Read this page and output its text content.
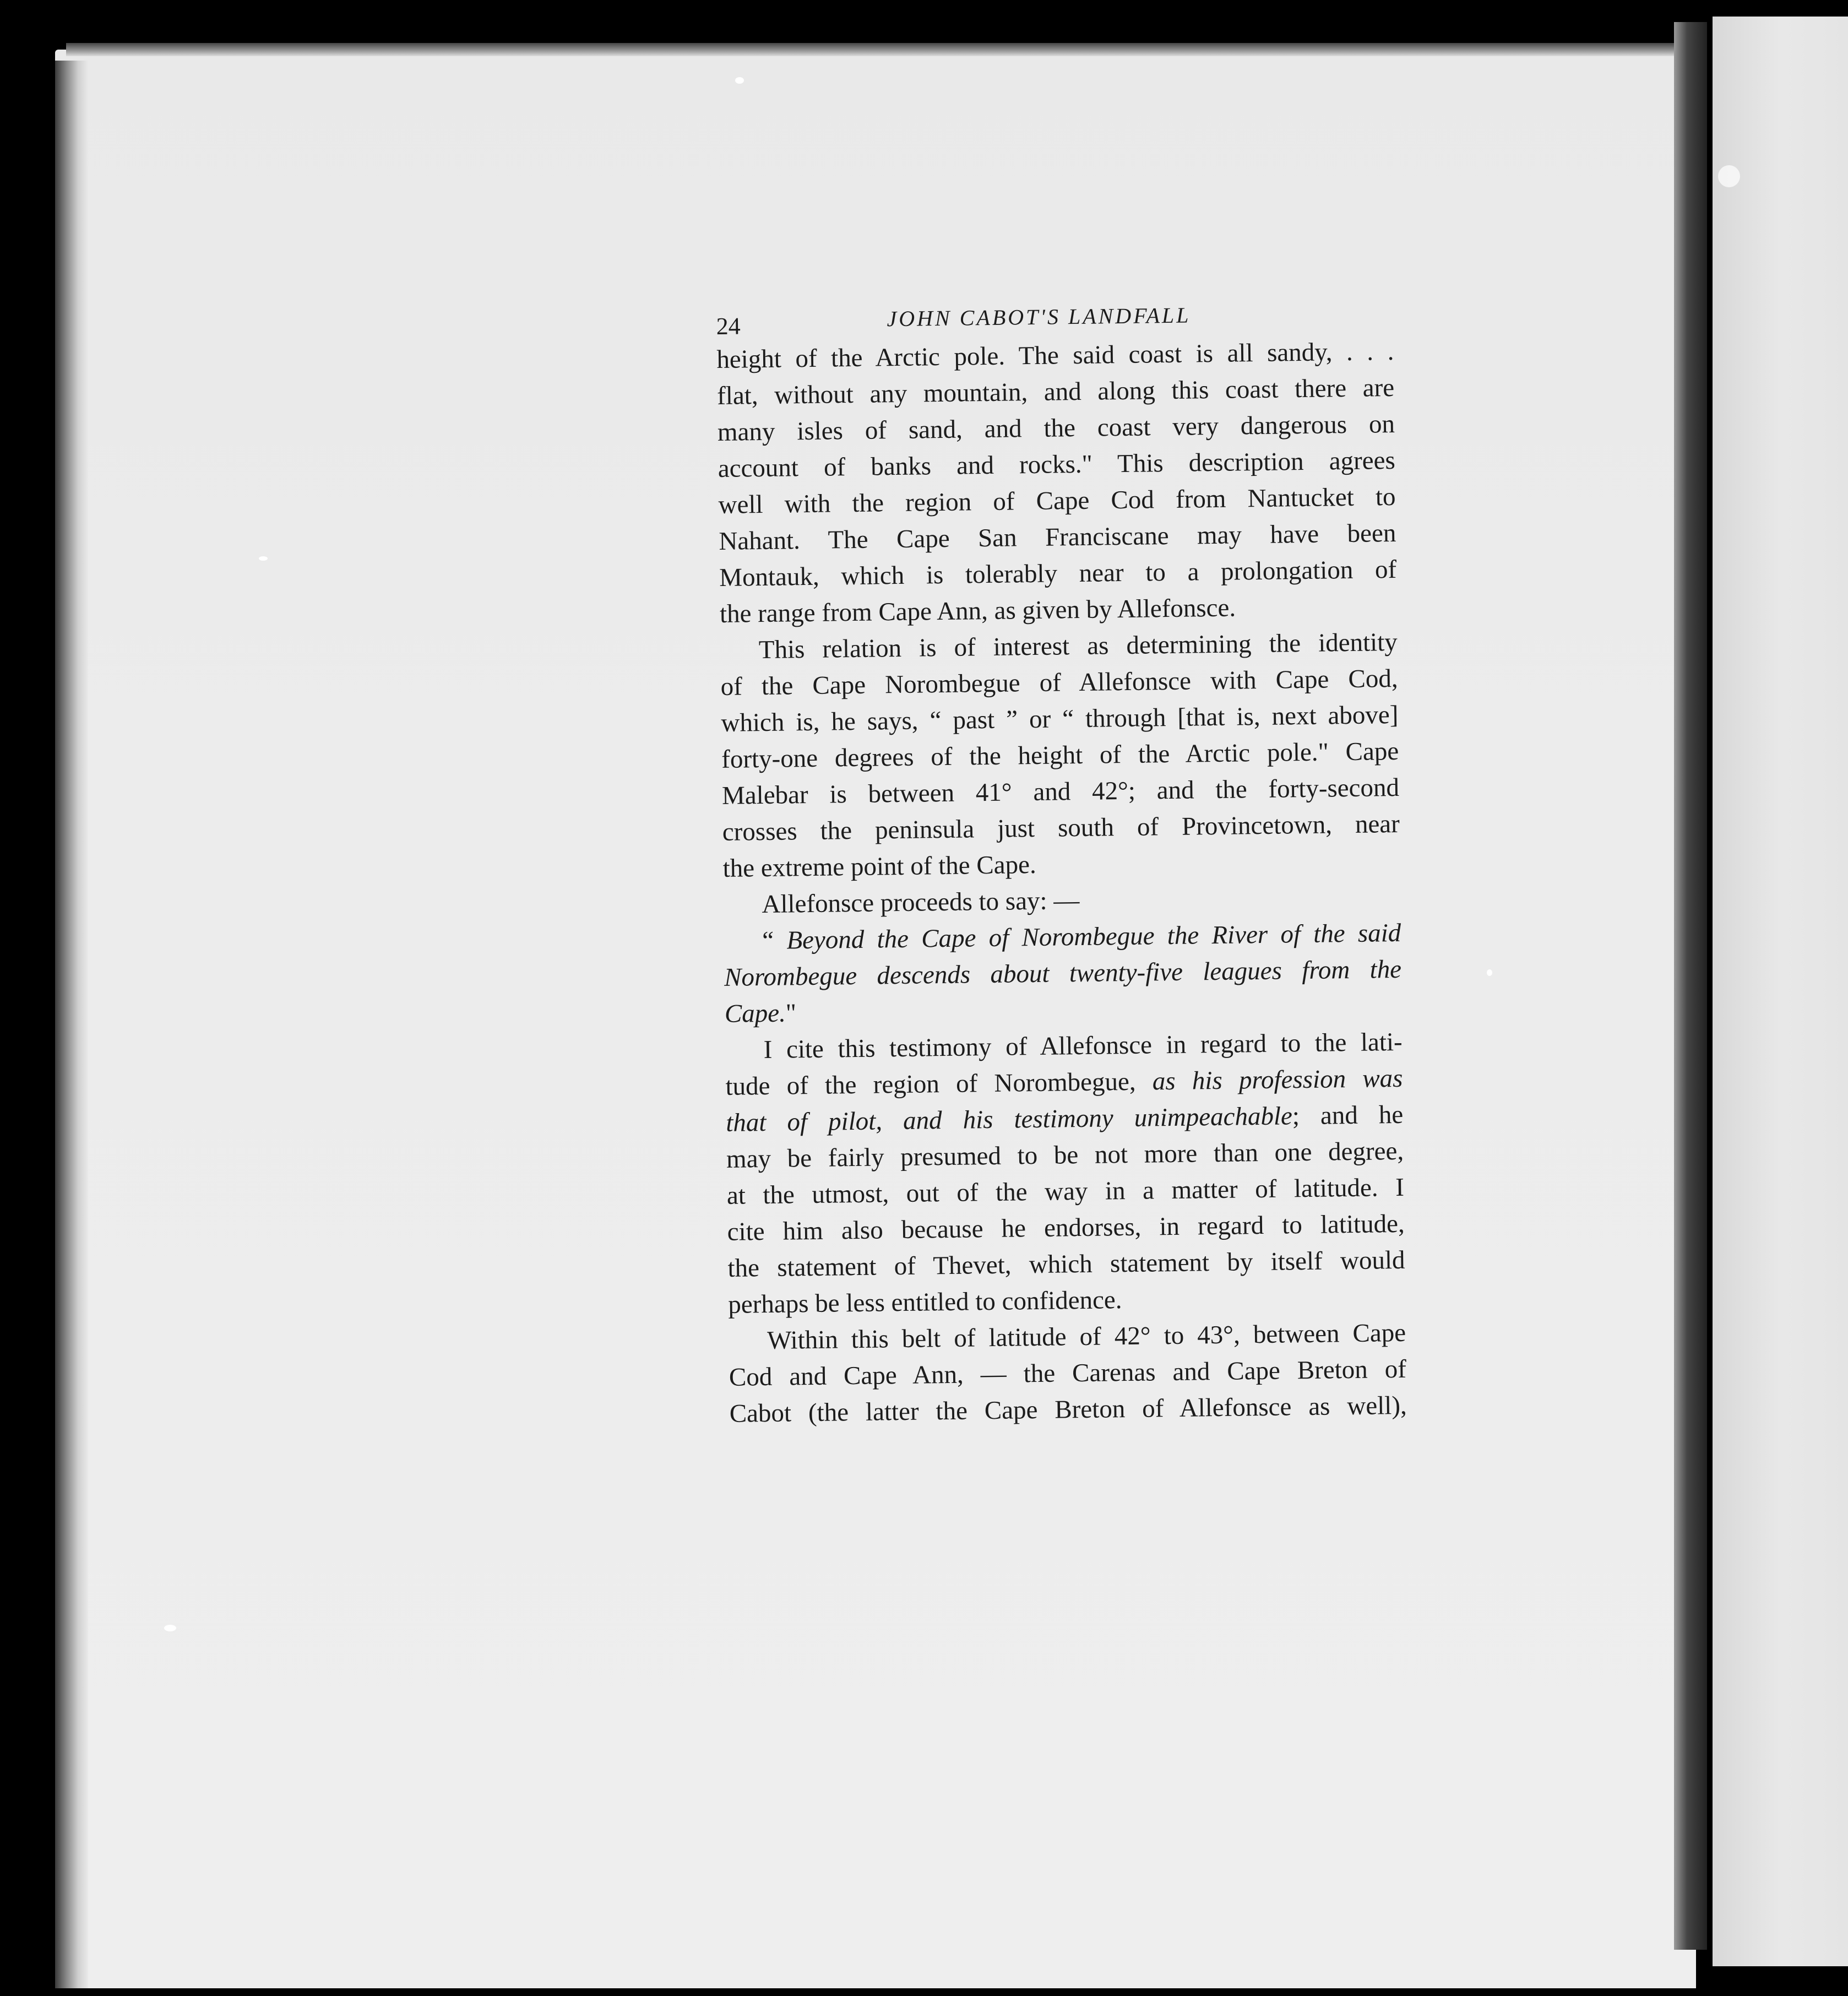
24	JOHN CABOT'S LANDFALL
height of the Arctic pole. The said coast is all sandy, . . .
flat, without any mountain, and along this coast there are
many isles of sand, and the coast very dangerous on
account of banks and rocks." This description agrees
well with the region of Cape Cod from Nantucket to
Nahant. The Cape San Franciscane may have been
Montauk, which is tolerably near to a prolongation of
the range from Cape Ann, as given by Allefonsce.
This relation is of interest as determining the identity
of the Cape Norombegue of Allefonsce with Cape Cod,
which is, he says, “ past ” or “ through [that is, next above]
forty-one degrees of the height of the Arctic pole." Cape
Malebar is between 41° and 42°; and the forty-second
crosses the peninsula just south of Provincetown, near
the extreme point of the Cape.
Allefonsce proceeds to say: —
“ Beyond the Cape of Norombegue the River of the said
Norombegue descends about twenty-five leagues from the
Cape."
I cite this testimony of Allefonsce in regard to the lati-
tude of the region of Norombegue, as his profession was
that of pilot, and his testimony unimpeachable; and he
may be fairly presumed to be not more than one degree,
at the utmost, out of the way in a matter of latitude. I
cite him also because he endorses, in regard to latitude,
the statement of Thevet, which statement by itself would
perhaps be less entitled to confidence.
Within this belt of latitude of 42° to 43°, between Cape
Cod and Cape Ann, — the Carenas and Cape Breton of
Cabot (the latter the Cape Breton of Allefonsce as well),
